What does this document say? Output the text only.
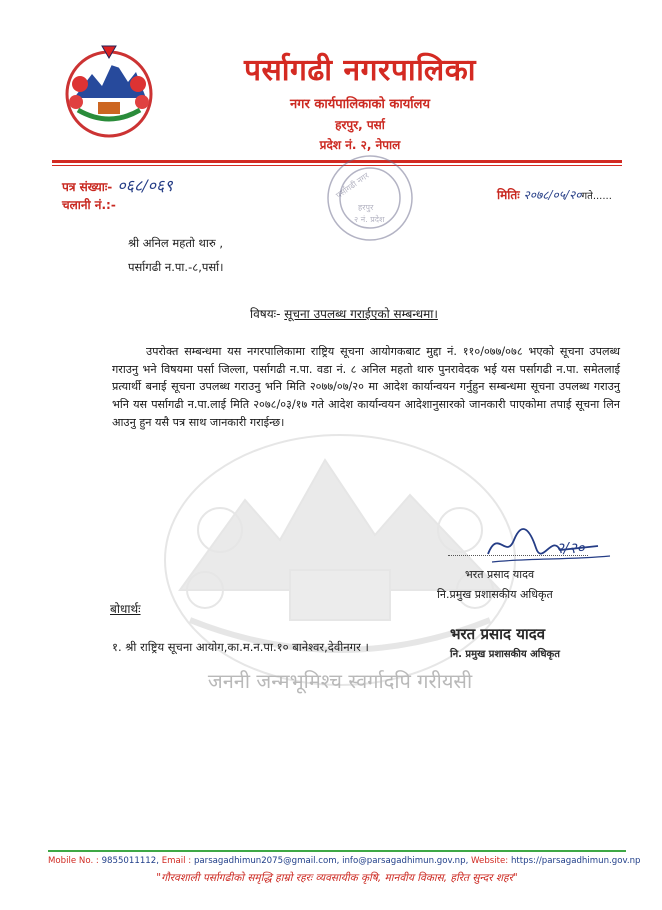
जननी जन्मभूमिश्च स्वर्गादपि गरीयसी
पर्सागढी नगरपालिका
नगर कार्यपालिकाको कार्यालय
हरपुर, पर्सा
प्रदेश नं. २, नेपाल
पत्र संख्याः- ०६८/०६९
चलानी नं.:-
पर्सागढी नगर
हरपुर
२ नं. प्रदेश
मितिः २०७८/०५/२०गते......
श्री अनिल महतो थारु ,
पर्सागढी न.पा.-८,पर्सा।
विषयः- सूचना उपलब्ध गराईएको सम्बन्धमा।
उपरोक्त सम्बन्धमा यस नगरपालिकामा राष्ट्रिय सूचना आयोगकबाट मुद्दा नं. ११०/०७७/०७८ भएको सूचना उपलब्ध गराउनु भने विषयमा पर्सा जिल्ला, पर्सागढी न.पा. वडा नं. ८ अनिल महतो थारु पुनरावेदक भई यस पर्सागढी न.पा. समेतलाई प्रत्यार्थी बनाई सूचना उपलब्ध गराउनु भनि मिति २०७७/०७/२० मा आदेश कार्यान्वयन गर्नुहुन सम्बन्धमा सूचना उपलब्ध गराउनु भनि यस पर्सागढी न.पा.लाई मिति २०७८/०३/१७ गते आदेश कार्यान्वयन आदेशानुसारको जानकारी पाएकोमा तपाई सूचना लिन आउनु हुन यसै पत्र साथ जानकारी गराईन्छ।
२/२०
भरत प्रसाद यादव
नि.प्रमुख प्रशासकीय अधिकृत
बोधार्थः
१. श्री राष्ट्रिय सूचना आयोग,का.म.न.पा.१० बानेश्वर,देवीनगर ।
भरत प्रसाद यादव
नि. प्रमुख प्रशासकीय अधिकृत
Mobile No. : 9855011112, Email : parsagadhimun2075@gmail.com, info@parsagadhimun.gov.np, Website: https://parsagadhimun.gov.np
"गौरवशाली पर्सागढीको समृद्धि हाम्रो रहरः व्यवसायीक कृषि, मानवीय विकास, हरित सुन्दर शहर"
